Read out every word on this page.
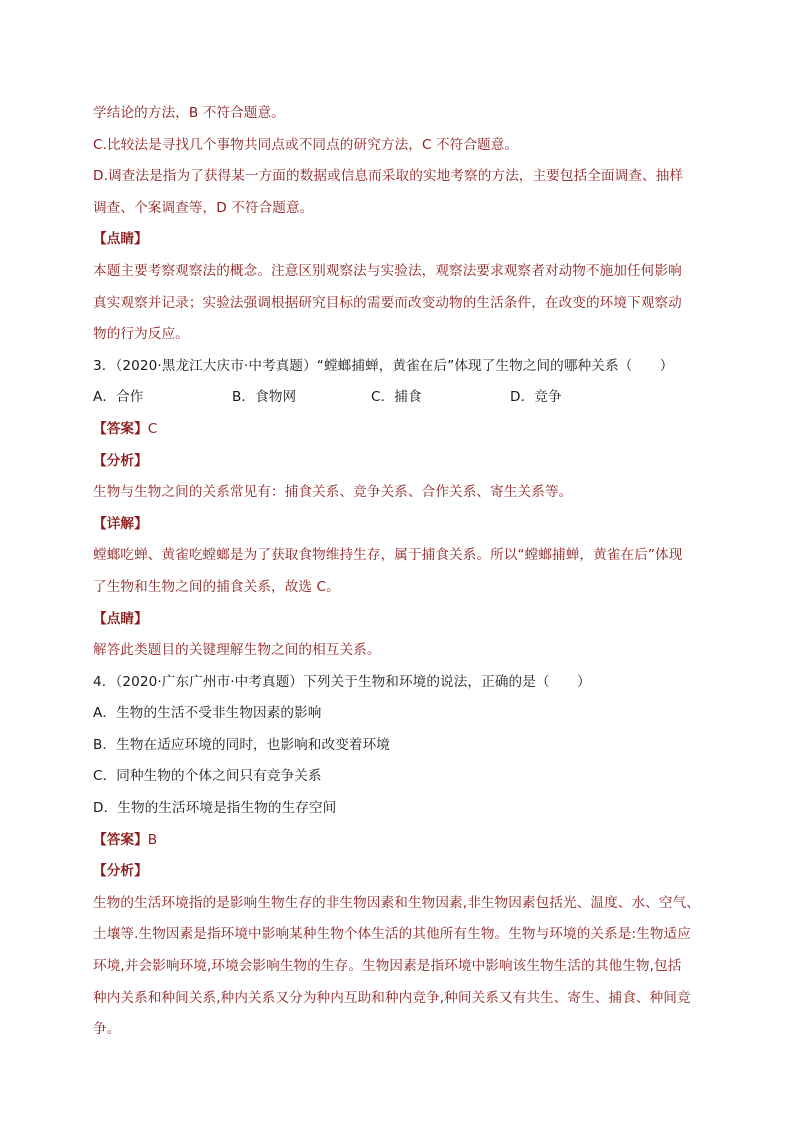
学结论的方法，B 不符合题意。
C.比较法是寻找几个事物共同点或不同点的研究方法，C 不符合题意。
D.调查法是指为了获得某一方面的数据或信息而采取的实地考察的方法，主要包括全面调查、抽样
调查、个案调查等，D 不符合题意。
【点睛】
本题主要考察观察法的概念。注意区别观察法与实验法，观察法要求观察者对动物不施加任何影响
真实观察并记录；实验法强调根据研究目标的需要而改变动物的生活条件，在改变的环境下观察动
物的行为反应。
3．（2020·黑龙江大庆市·中考真题）“螳螂捕蝉，黄雀在后”体现了生物之间的哪种关系（　　）
A．合作	B．食物网	C．捕食	D．竞争
【答案】C
【分析】
生物与生物之间的关系常见有：捕食关系、竞争关系、合作关系、寄生关系等。
【详解】
螳螂吃蝉、黄雀吃螳螂是为了获取食物维持生存，属于捕食关系。所以“螳螂捕蝉，黄雀在后”体现
了生物和生物之间的捕食关系，故选 C。
【点睛】
解答此类题目的关键理解生物之间的相互关系。
4．（2020·广东广州市·中考真题）下列关于生物和环境的说法，正确的是（　　）
A．生物的生活不受非生物因素的影响
B．生物在适应环境的同时，也影响和改变着环境
C．同种生物的个体之间只有竞争关系
D．生物的生活环境是指生物的生存空间
【答案】B
【分析】
生物的生活环境指的是影响生物生存的非生物因素和生物因素,非生物因素包括光、温度、水、空气、
土壤等.生物因素是指环境中影响某种生物个体生活的其他所有生物。生物与环境的关系是:生物适应
环境,并会影响环境,环境会影响生物的生存。生物因素是指环境中影响该生物生活的其他生物,包括
种内关系和种间关系,种内关系又分为种内互助和种内竞争,种间关系又有共生、寄生、捕食、种间竞
争。
